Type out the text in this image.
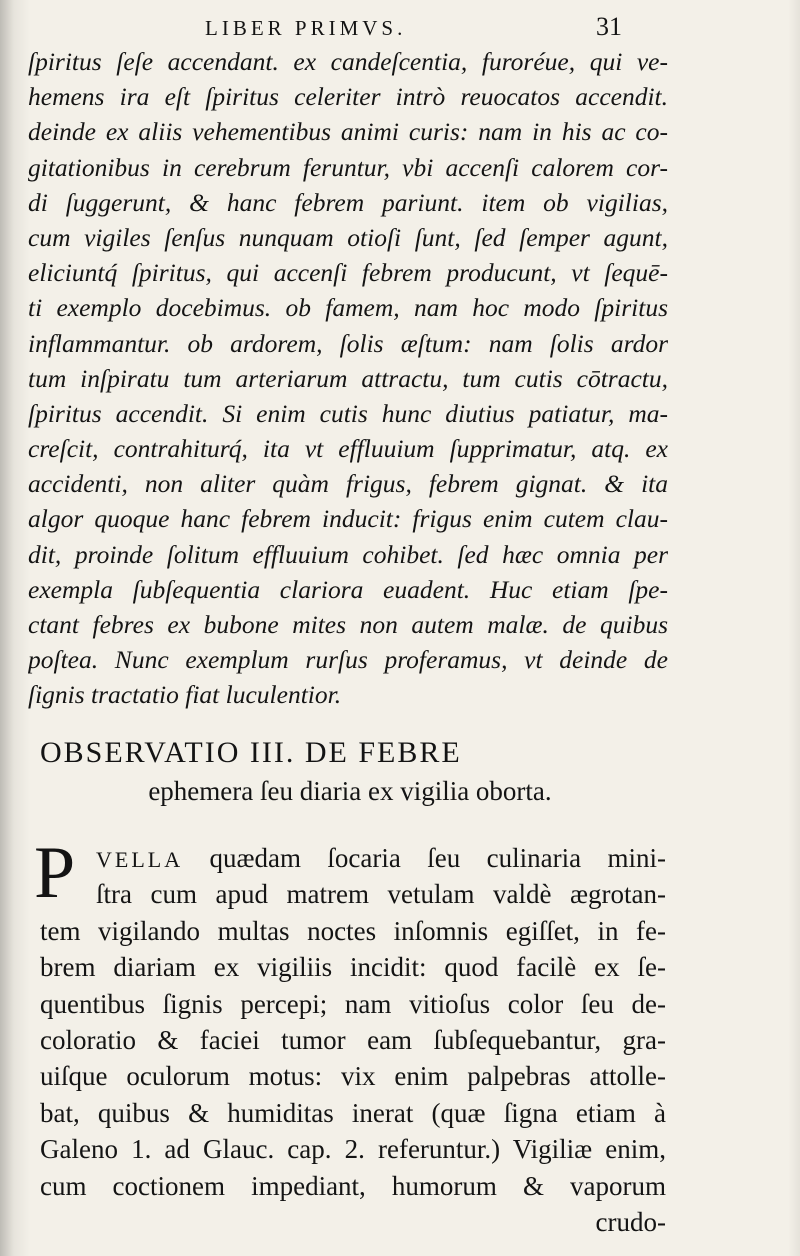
LIBER PRIMVS.	31
ſpiritus ſeſe accendant. ex candeſcentia, furoréue, qui ve-
hemens ira eſt ſpiritus celeriter intrò reuocatos accendit.
deinde ex aliis vehementibus animi curis: nam in his ac co-
gitationibus in cerebrum feruntur, vbi accenſi calorem cor-
di ſuggerunt, & hanc febrem pariunt. item ob vigilias,
cum vigiles ſenſus nunquam otioſi ſunt, ſed ſemper agunt,
eliciuntq́ ſpiritus, qui accenſi febrem producunt, vt ſequē-
ti exemplo docebimus. ob famem, nam hoc modo ſpiritus
inflammantur. ob ardorem, ſolis æſtum: nam ſolis ardor
tum inſpiratu tum arteriarum attractu, tum cutis cōtractu,
ſpiritus accendit. Si enim cutis hunc diutius patiatur, ma-
creſcit, contrahiturq́, ita vt effluuium ſupprimatur, atq. ex
accidenti, non aliter quàm frigus, febrem gignat. & ita
algor quoque hanc febrem inducit: frigus enim cutem clau-
dit, proinde ſolitum effluuium cohibet. ſed hæc omnia per
exempla ſubſequentia clariora euadent. Huc etiam ſpe-
ctant febres ex bubone mites non autem malæ. de quibus
poſtea. Nunc exemplum rurſus proferamus, vt deinde de
ſignis tractatio fiat luculentior.
OBSERVATIO III. DE FEBRE
ephemera ſeu diaria ex vigilia oborta.
P VELLA quædam ſocaria ſeu culinaria mini-
ſtra cum apud matrem vetulam valdè ægrotan-
tem vigilando multas noctes inſomnis egiſſet, in fe-
brem diariam ex vigiliis incidit: quod facilè ex ſe-
quentibus ſignis percepi; nam vitioſus color ſeu de-
coloratio & faciei tumor eam ſubſequebantur, gra-
uiſque oculorum motus: vix enim palpebras attolle-
bat, quibus & humiditas inerat (quæ ſigna etiam à
Galeno 1. ad Glauc. cap. 2. referuntur.) Vigiliæ enim,
cum coctionem impediant, humorum & vaporum
crudo-
